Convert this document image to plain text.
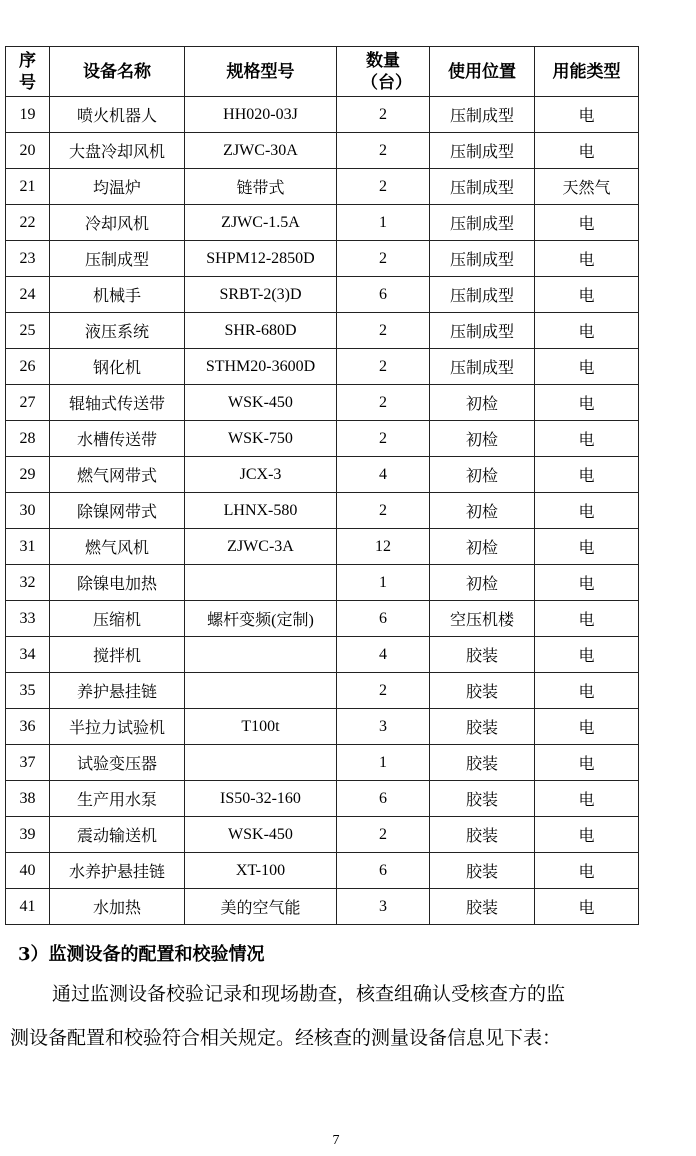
序号	设备名称	规格型号	数量（台）	使用位置	用能类型
19	喷火机器人	HH020-03J	2	压制成型	电
20	大盘冷却风机	ZJWC-30A	2	压制成型	电
21	均温炉	链带式	2	压制成型	天然气
22	冷却风机	ZJWC-1.5A	1	压制成型	电
23	压制成型	SHPM12-2850D	2	压制成型	电
24	机械手	SRBT-2(3)D	6	压制成型	电
25	液压系统	SHR-680D	2	压制成型	电
26	钢化机	STHM20-3600D	2	压制成型	电
27	辊轴式传送带	WSK-450	2	初检	电
28	水槽传送带	WSK-750	2	初检	电
29	燃气网带式	JCX-3	4	初检	电
30	除镍网带式	LHNX-580	2	初检	电
31	燃气风机	ZJWC-3A	12	初检	电
32	除镍电加热		1	初检	电
33	压缩机	螺杆变频(定制)	6	空压机楼	电
34	搅拌机		4	胶装	电
35	养护悬挂链		2	胶装	电
36	半拉力试验机	T100t	3	胶装	电
37	试验变压器		1	胶装	电
38	生产用水泵	IS50-32-160	6	胶装	电
39	震动输送机	WSK-450	2	胶装	电
40	水养护悬挂链	XT-100	6	胶装	电
41	水加热	美的空气能	3	胶装	电
3）监测设备的配置和校验情况
通过监测设备校验记录和现场勘查，核查组确认受核查方的监
测设备配置和校验符合相关规定。经核查的测量设备信息见下表：
7
